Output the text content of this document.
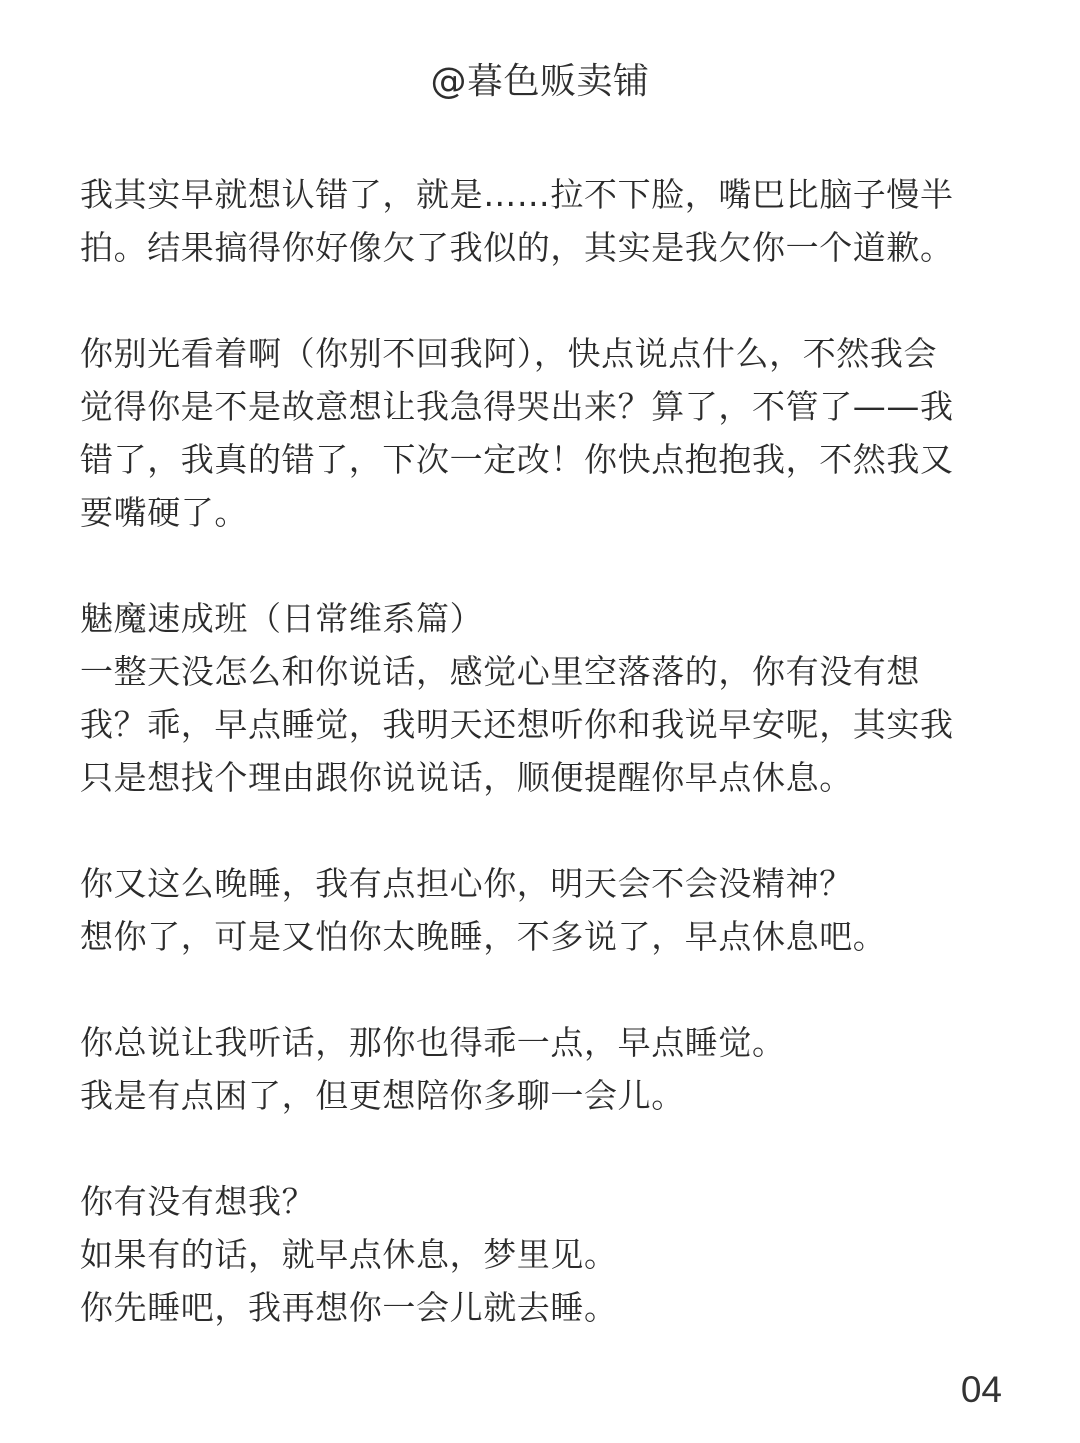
@暮色贩卖铺
我其实早就想认错了，就是……拉不下脸，嘴巴比脑子慢半
拍。结果搞得你好像欠了我似的，其实是我欠你一个道歉。
你别光看着啊（你别不回我阿），快点说点什么，不然我会
觉得你是不是故意想让我急得哭出来？算了，不管了——我
错了，我真的错了，下次一定改！你快点抱抱我，不然我又
要嘴硬了。
魅魔速成班（日常维系篇）
一整天没怎么和你说话，感觉心里空落落的，你有没有想
我？乖，早点睡觉，我明天还想听你和我说早安呢，其实我
只是想找个理由跟你说说话，顺便提醒你早点休息。
你又这么晚睡，我有点担心你，明天会不会没精神？
想你了，可是又怕你太晚睡，不多说了，早点休息吧。
你总说让我听话，那你也得乖一点，早点睡觉。
我是有点困了，但更想陪你多聊一会儿。
你有没有想我？
如果有的话，就早点休息，梦里见。
你先睡吧，我再想你一会儿就去睡。
04
